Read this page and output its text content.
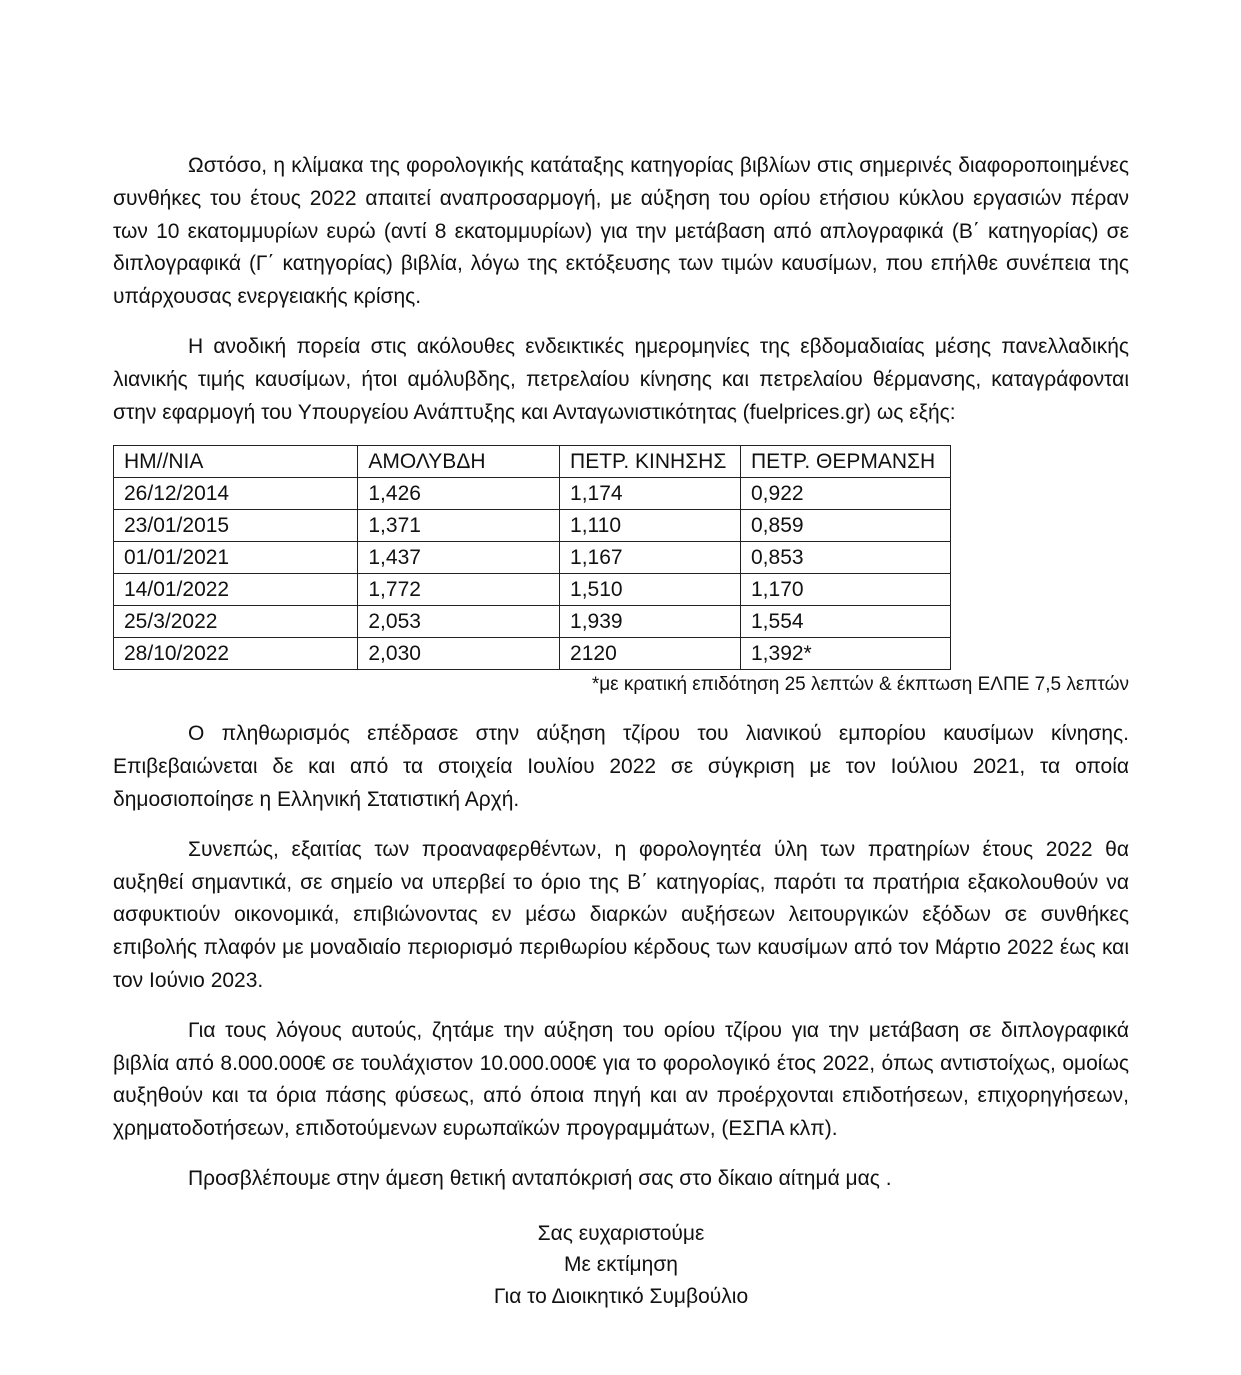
Ωστόσο, η κλίμακα της φορολογικής κατάταξης κατηγορίας βιβλίων στις σημερινές διαφοροποιημένες συνθήκες του έτους 2022 απαιτεί αναπροσαρμογή, με αύξηση του ορίου ετήσιου κύκλου εργασιών πέραν των 10 εκατομμυρίων ευρώ (αντί 8 εκατομμυρίων) για την μετάβαση από απλογραφικά (Β΄ κατηγορίας) σε διπλογραφικά (Γ΄ κατηγορίας) βιβλία, λόγω της εκτόξευσης των τιμών καυσίμων, που επήλθε συνέπεια της υπάρχουσας ενεργειακής κρίσης.

Η ανοδική πορεία στις ακόλουθες ενδεικτικές ημερομηνίες της εβδομαδιαίας μέσης πανελλαδικής λιανικής τιμής καυσίμων, ήτοι αμόλυβδης, πετρελαίου κίνησης και πετρελαίου θέρμανσης, καταγράφονται στην εφαρμογή του Υπουργείου Ανάπτυξης και Ανταγωνιστικότητας (fuelprices.gr) ως εξής:

ΗΜ//ΝΙΑ	ΑΜΟΛΥΒΔΗ	ΠΕΤΡ. ΚΙΝΗΣΗΣ	ΠΕΤΡ. ΘΕΡΜΑΝΣΗ
26/12/2014	1,426	1,174	0,922
23/01/2015	1,371	1,110	0,859
01/01/2021	1,437	1,167	0,853
14/01/2022	1,772	1,510	1,170
25/3/2022	2,053	1,939	1,554
28/10/2022	2,030	2120	1,392*
*με κρατική επιδότηση 25 λεπτών & έκπτωση ΕΛΠΕ 7,5 λεπτών

Ο πληθωρισμός επέδρασε στην αύξηση τζίρου του λιανικού εμπορίου καυσίμων κίνησης. Επιβεβαιώνεται δε και από τα στοιχεία Ιουλίου 2022 σε σύγκριση με τον Ιούλιου 2021, τα οποία δημοσιοποίησε η Ελληνική Στατιστική Αρχή.

Συνεπώς, εξαιτίας των προαναφερθέντων, η φορολογητέα ύλη των πρατηρίων έτους 2022 θα αυξηθεί σημαντικά, σε σημείο να υπερβεί το όριο της Β΄ κατηγορίας, παρότι τα πρατήρια εξακολουθούν να ασφυκτιούν οικονομικά, επιβιώνοντας εν μέσω διαρκών αυξήσεων λειτουργικών εξόδων σε συνθήκες επιβολής πλαφόν με μοναδιαίο περιορισμό περιθωρίου κέρδους των καυσίμων από τον Μάρτιο 2022 έως και τον Ιούνιο 2023.

Για τους λόγους αυτούς, ζητάμε την αύξηση του ορίου τζίρου για την μετάβαση σε διπλογραφικά βιβλία από 8.000.000€ σε τουλάχιστον 10.000.000€ για το φορολογικό έτος 2022, όπως αντιστοίχως, ομοίως αυξηθούν και τα όρια πάσης φύσεως, από όποια πηγή και αν προέρχονται επιδοτήσεων, επιχορηγήσεων, χρηματοδοτήσεων, επιδοτούμενων ευρωπαϊκών προγραμμάτων, (ΕΣΠΑ κλπ).

Προσβλέπουμε στην άμεση θετική ανταπόκρισή σας στο δίκαιο αίτημά μας .

Σας ευχαριστούμε
Με εκτίμηση
Για το Διοικητικό Συμβούλιο
